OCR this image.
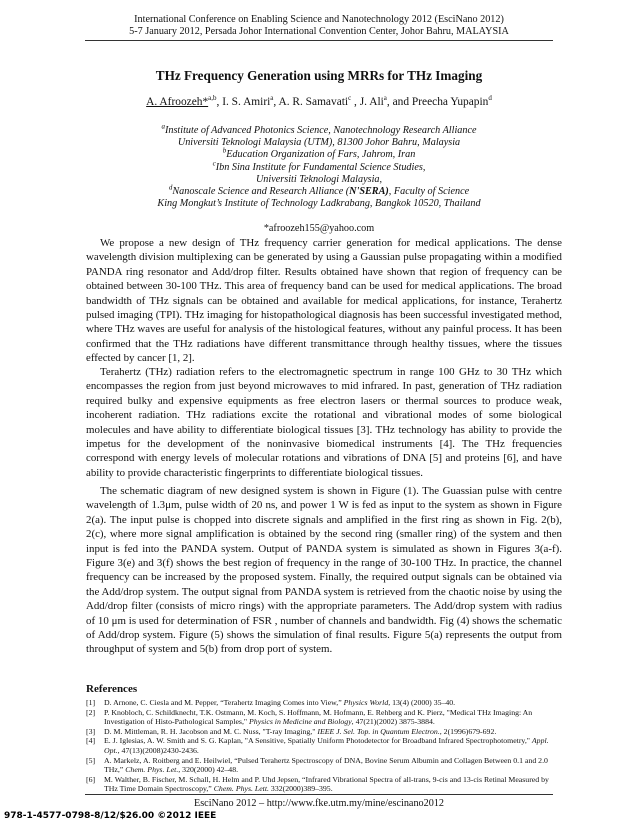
International Conference on Enabling Science and Nanotechnology 2012 (EsciNano 2012)
5-7 January 2012, Persada Johor International Convention Center, Johor Bahru, MALAYSIA
THz Frequency Generation using MRRs for THz Imaging
A. Afroozeh*$^{a,b}$, I. S. Amiri$^a$, A. R. Samavati$^c$ , J. Ali$^a$, and Preecha Yupapin$^d$
$^a$Institute of Advanced Photonics Science, Nanotechnology Research Alliance
Universiti Teknologi Malaysia (UTM), 81300 Johor Bahru, Malaysia
$^b$Education Organization of Fars, Jahrom, Iran
$^c$Ibn Sina Institute for Fundamental Science Studies,
Universiti Teknologi Malaysia,
$^d$Nanoscale Science and Research Alliance (N'SERA), Faculty of Science
King Mongkut’s Institute of Technology Ladkrabang, Bangkok 10520, Thailand
*afroozeh155@yahoo.com

We propose a new design of THz frequency carrier generation for medical applications. The dense wavelength division multiplexing can be generated by using a Gaussian pulse propagating within a modified PANDA ring resonator and Add/drop filter. Results obtained have shown that region of frequency can be obtained between 30-100 THz. This area of frequency band can be used for medical applications. The broad bandwidth of THz signals can be obtained and available for medical applications, for instance, Terahertz pulsed imaging (TPI). THz imaging for histopathological diagnosis has been successful investigated method, where THz waves are useful for analysis of the histological features, without any painful process. It has been confirmed that the THz radiations have different transmittance through healthy tissues, where the tissues effected by cancer [1, 2].

Terahertz (THz) radiation refers to the electromagnetic spectrum in range 100 GHz to 30 THz which encompasses the region from just beyond microwaves to mid infrared. In past, generation of THz radiation required bulky and expensive equipments as free electron lasers or thermal sources to produce weak, incoherent radiation. THz radiations excite the rotational and vibrational modes of some biological molecules and have ability to differentiate biological tissues [3]. THz technology has ability to provide the impetus for the development of the noninvasive biomedical instruments [4]. The THz frequencies correspond with energy levels of molecular rotations and vibrations of DNA [5] and proteins [6], and have ability to provide characteristic fingerprints to differentiate biological tissues.

The schematic diagram of new designed system is shown in Figure (1). The Guassian pulse with centre wavelength of 1.3μm, pulse width of 20 ns, and power 1 W is fed as input to the system as shown in Figure 2(a). The input pulse is chopped into discrete signals and amplified in the first ring as shown in Fig. 2(b), 2(c), where more signal amplification is obtained by the second ring (smaller ring) of the system and then input is fed into the PANDA system. Output of PANDA system is simulated as shown in Figures 3(a-f). Figure 3(e) and 3(f) shows the best region of frequency in the range of 30-100 THz. In practice, the channel frequency can be increased by the proposed system. Finally, the required output signals can be obtained via the Add/drop system. The output signal from PANDA system is retrieved from the chaotic noise by using the Add/drop filter (consists of micro rings) with the appropriate parameters. The Add/drop system with radius of 10 μm is used for determination of FSR , number of channels and bandwidth. Fig (4) shows the schematic of Add/drop system. Figure (5) shows the simulation of final results. Figure 5(a) represents the output from throughput of system and 5(b) from drop port of system.

References
[1]	D. Arnone, C. Ciesla and M. Pepper, “Terahertz Imaging Comes into View,” Physics World, 13(4) (2000) 35–40.
[2]	P. Knobloch, C. Schildknecht, T.K. Ostmann, M. Koch, S. Hoffmann, M. Hofmann, E. Rehberg and K. Pierz, "Medical THz Imaging: An Investigation of Histo-Pathological Samples," Physics in Medicine and Biology, 47(21)(2002) 3875-3884.
[3]	D. M. Mittleman, R. H. Jacobson and M. C. Nuss, "T-ray Imaging," IEEE J. Sel. Top. in Quantum Electron., 2(1996)679-692.
[4]	E. J. Iglesias, A. W. Smith and S. G. Kaplan, "A Sensitive, Spatially Uniform Photodetector for Broadband Infrared Spectrophotometry," Appl. Opt., 47(13)(2008)2430-2436.
[5]	A. Markelz, A. Roitberg and E. Heilwiel, “Pulsed Terahertz Spectroscopy of DNA, Bovine Serum Albumin and Collagen Between 0.1 and 2.0 THz,” Chem. Phys. Let., 320(2000) 42–48.
[6]	M. Walther, B. Fischer, M. Schall, H. Helm and P. Uhd Jepsen, “Infrared Vibrational Spectra of all-trans, 9-cis and 13-cis Retinal Measured by THz Time Domain Spectroscopy,” Chem. Phys. Lett. 332(2000)389–395.
EsciNano 2012 – http://www.fke.utm.my/mine/escinano2012
978-1-4577-0798-8/12/$26.00 ©2012 IEEE
